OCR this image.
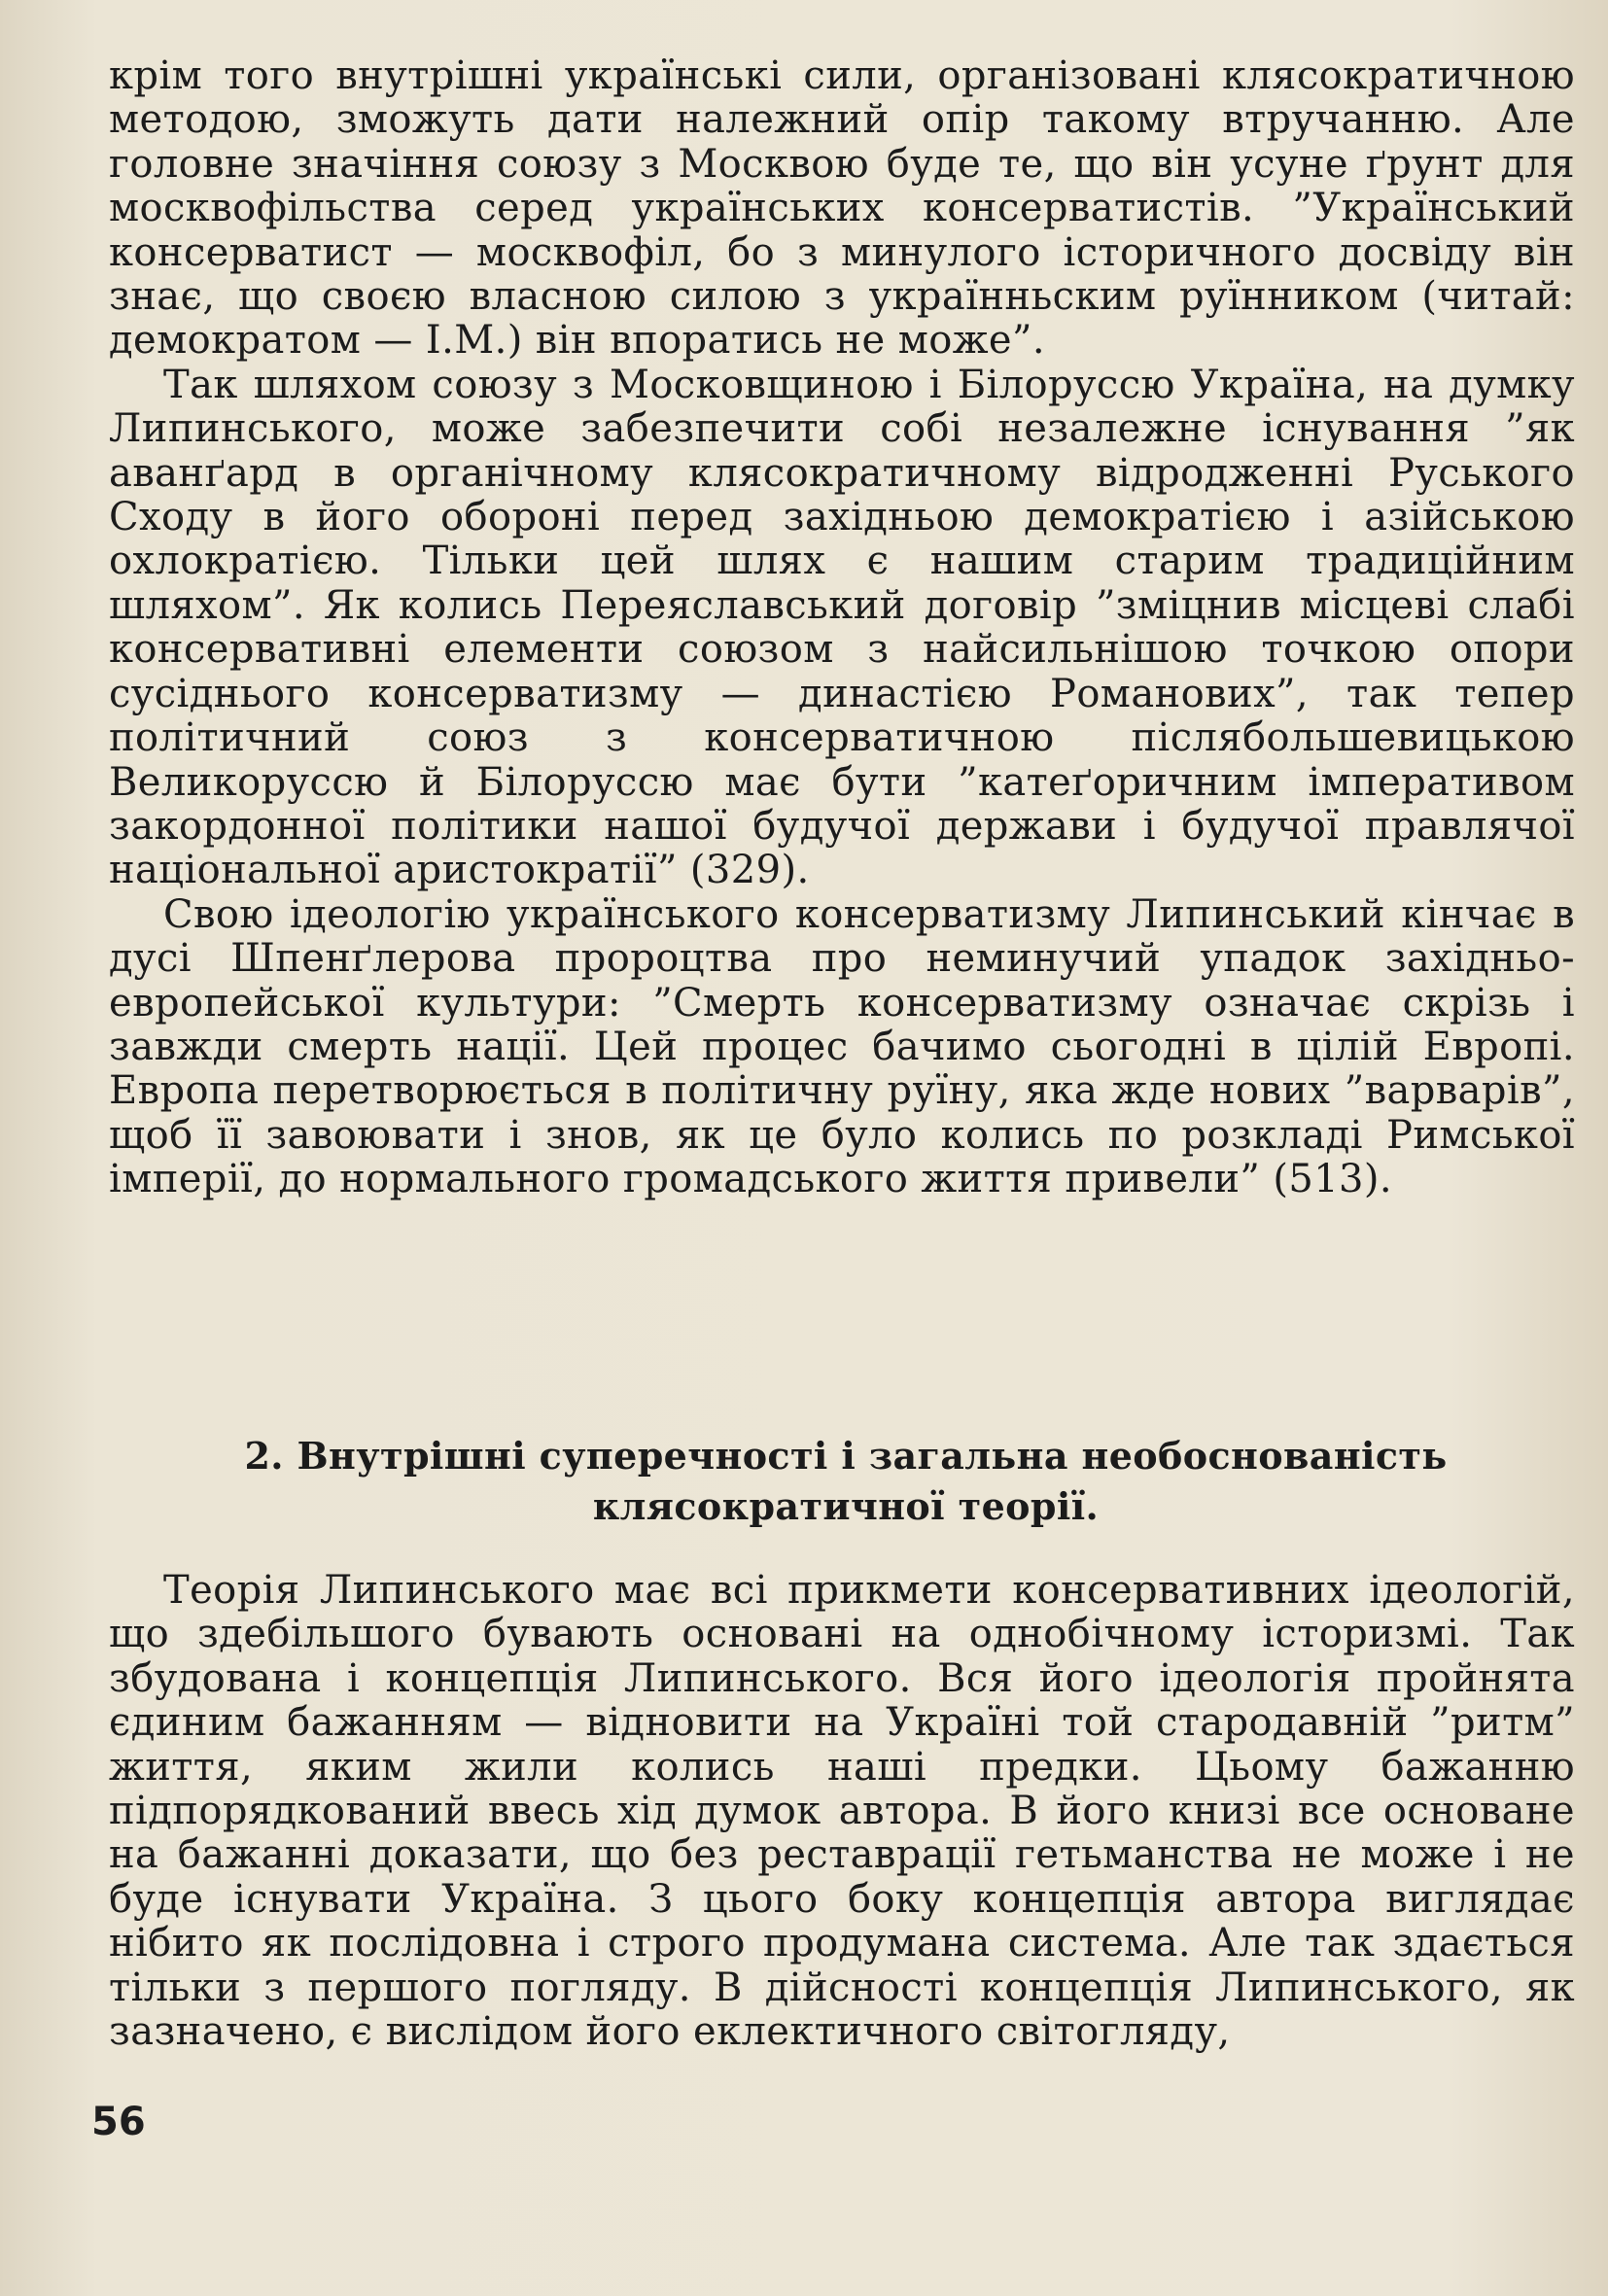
крім того внутрішні українські сили, організовані клясократичною методою, зможуть дати належний опір такому втручанню. Але головне значіння союзу з Москвою буде те, що він усуне ґрунт для москвофільства серед українських консерватистів. ”Український консерватист — москвофіл, бо з минулого історичного досвіду він знає, що своєю власною силою з українньским руїнником (читай: демократом — І.М.) він впоратись не може”.

Так шляхом союзу з Московщиною і Білоруссю Україна, на думку Липинського, може забезпечити собі незалежне існування ”як аванґард в органічному клясократичному відродженні Руського Сходу в його обороні перед західньою демократією і азійською охлократією. Тільки цей шлях є нашим старим традиційним шляхом”. Як колись Переяславський договір ”зміцнив місцеві слабі консервативні елементи союзом з найсильнішою точкою опори сусіднього консерватизму — династією Романових”, так тепер політичний союз з консерватичною післябольшевицькою Великоруссю й Білоруссю має бути ”катеґоричним імперативом закордонної політики нашої будучої держави і будучої правлячої національної аристократії” (329).

Свою ідеологію українського консерватизму Липинський кінчає в дусі Шпенґлерова пророцтва про неминучий упадок західньо-европейської культури: ”Смерть консерватизму означає скрізь і завжди смерть нації. Цей процес бачимо сьогодні в цілій Европі. Европа перетворюється в політичну руїну, яка жде нових ”варварів”, щоб її завоювати і знов, як це було колись по розкладі Римської імперії, до нормального громадського життя привели” (513).

2. Внутрішні суперечності і загальна необоснованість
клясократичної теорії.

Теорія Липинського має всі прикмети консервативних ідеологій, що здебільшого бувають основані на однобічному історизмі. Так збудована і концепція Липинського. Вся його ідеологія пройнята єдиним бажанням — відновити на Україні той стародавній ”ритм” життя, яким жили колись наші предки. Цьому бажанню підпорядкований ввесь хід думок автора. В його книзі все основане на бажанні доказати, що без реставрації гетьманства не може і не буде існувати Україна. З цього боку концепція автора виглядає нібито як послідовна і строго продумана система. Але так здається тільки з першого погляду. В дійсності концепція Липинського, як зазначено, є вислідом його еклектичного світогляду,

56
